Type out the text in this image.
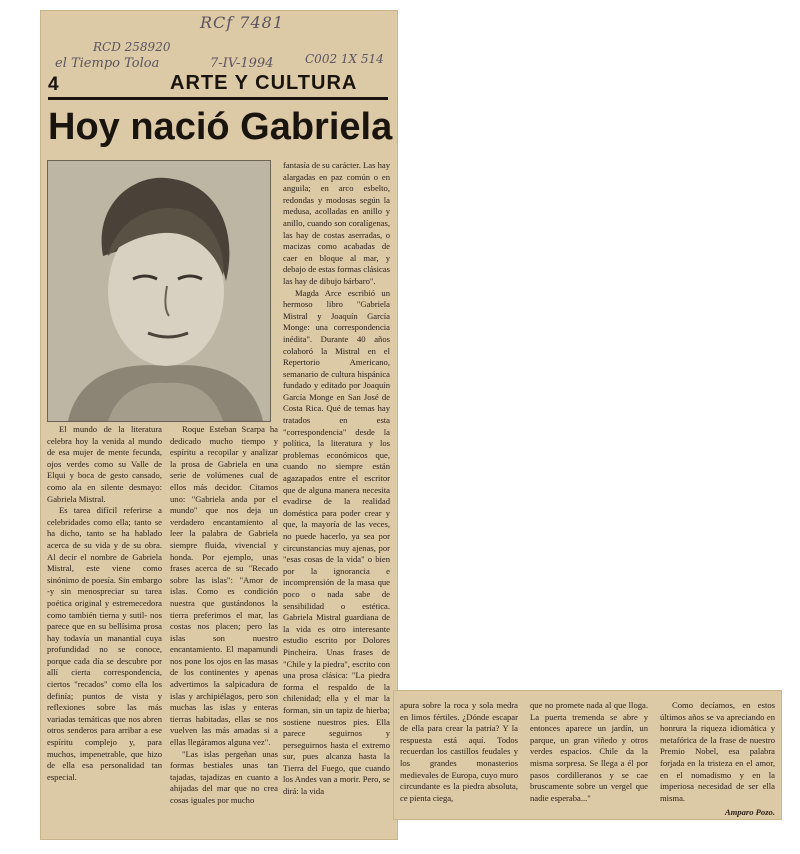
RCf 7481
RCD 258920
el Tiempo Toloa	7-IV-1994	C002 1X 514
4	ARTE Y CULTURA
Hoy nació Gabriela

El mundo de la literatura celebra hoy la venida al mundo de esa mujer de mente fecunda, ojos verdes como su Valle de Elqui y boca de gesto cansado, como ala en silente desmayo: Gabriela Mistral.

Es tarea difícil referirse a celebridades como ella; tanto se ha dicho, tanto se ha hablado acerca de su vida y de su obra. Al decir el nombre de Gabriela Mistral, este viene como sinónimo de poesía. Sin embargo -y sin menospreciar su tarea poética original y estremecedora como también tierna y sutil- nos parece que en su bellísima prosa hay todavía un manantial cuya profundidad no se conoce, porque cada día se descubre por allí cierta correspondencia, ciertos "recados" como ella los definía; puntos de vista y reflexiones sobre las más variadas temáticas que nos abren otros senderos para arribar a ese espíritu complejo y, para muchos, impenetrable, que hizo de ella esa personalidad tan especial.

Roque Esteban Scarpa ha dedicado mucho tiempo y espíritu a recopilar y analizar la prosa de Gabriela en una serie de volúmenes cual de ellos más decidor. Citamos uno: "Gabriela anda por el mundo" que nos deja un verdadero encantamiento al leer la palabra de Gabriela siempre fluida, vivencial y honda. Por ejemplo, unas frases acerca de su "Recado sobre las islas": "Amor de islas. Como es condición nuestra que gustándonos la tierra preferimos el mar, las costas nos placen; pero las islas son nuestro encantamiento. El mapamundi nos pone los ojos en las masas de los continentes y apenas advertimos la salpicadura de islas y archipiélagos, pero son muchas las islas y enteras tierras habitadas, ellas se nos vuelven las más amadas si a ellas llegáramos alguna vez".

"Las islas pergeñan unas formas bestiales unas tan tajadas, tajadizas en cuanto a ahijadas del mar que no crea cosas iguales por mucho

fantasía de su carácter. Las hay alargadas en paz común o en anguila; en arco esbelto, redondas y modosas según la medusa, acolladas en anillo y anillo, cuando son coralígenas, las hay de costas aserradas, o macizas como acabadas de caer en bloque al mar, y debajo de estas formas clásicas las hay de dibujo bárbaro".

Magda Arce escribió un hermoso libro "Gabriela Mistral y Joaquín García Monge: una correspondencia inédita". Durante 40 años colaboró la Mistral en el Repertorio Americano, semanario de cultura hispánica fundado y editado por Joaquín García Monge en San José de Costa Rica. Qué de temas hay tratados en esta "correspondencia" desde la política, la literatura y los problemas económicos que, cuando no siempre están agazapados entre el escritor que de alguna manera necesita evadirse de la realidad doméstica para poder crear y que, la mayoría de las veces, no puede hacerlo, ya sea por circunstancias muy ajenas, por "esas cosas de la vida" o bien por la ignorancia e incomprensión de la masa que poco o nada sabe de sensibilidad o estética. Gabriela Mistral guardiana de la vida es otro interesante estudio escrito por Dolores Pincheira. Unas frases de "Chile y la piedra", escrito con una prosa clásica: "La piedra forma el respaldo de la chilenidad; ella y el mar la forman, sin un tapiz de hierba; sostiene nuestros pies. Ella parece seguirnos y perseguirnos hasta el extremo sur, pues alcanza hasta la Tierra del Fuego, que cuando los Andes van a morir. Pero, se dirá: la vida

apura sobre la roca y sola medra en limos fértiles. ¿Dónde escapar de ella para crear la patria? Y la respuesta está aquí. Todos recuerdan los castillos feudales y los grandes monasterios medievales de Europa, cuyo muro circundante es la piedra absoluta, ce pienta ciega,

que no promete nada al que lloga. La puerta tremenda se abre y entonces aparece un jardín, un parque, un gran viñedo y otros verdes espacios. Chile da la misma sorpresa. Se llega a él por pasos cordilleranos y se cae bruscamente sobre un vergel que nadie esperaba..."

Como decíamos, en estos últimos años se va apreciando en honrura la riqueza idiomática y metafórica de la frase de nuestro Premio Nobel, esa palabra forjada en la tristeza en el amor, en el nomadismo y en la imperiosa necesidad de ser ella misma.

Amparo Pozo.
